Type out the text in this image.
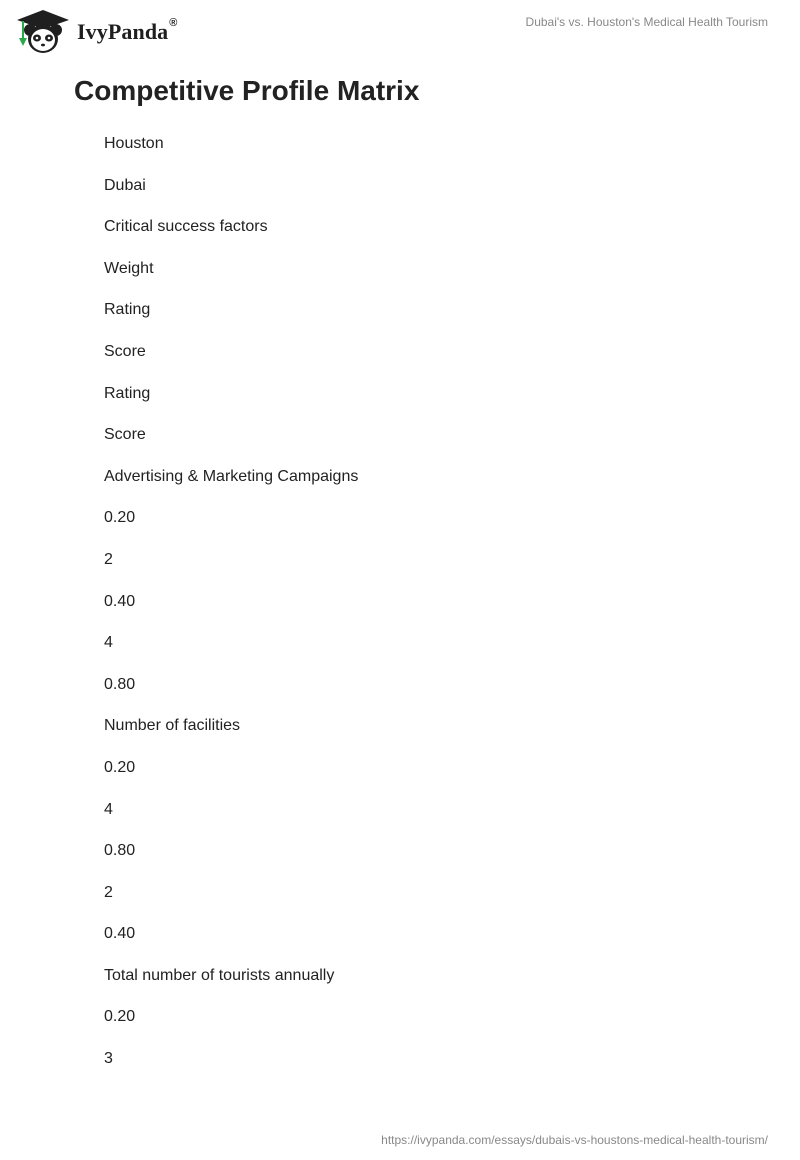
IvyPanda®	Dubai's vs. Houston's Medical Health Tourism
Competitive Profile Matrix
Houston
Dubai
Critical success factors
Weight
Rating
Score
Rating
Score
Advertising & Marketing Campaigns
0.20
2
0.40
4
0.80
Number of facilities
0.20
4
0.80
2
0.40
Total number of tourists annually
0.20
3
https://ivypanda.com/essays/dubais-vs-houstons-medical-health-tourism/
